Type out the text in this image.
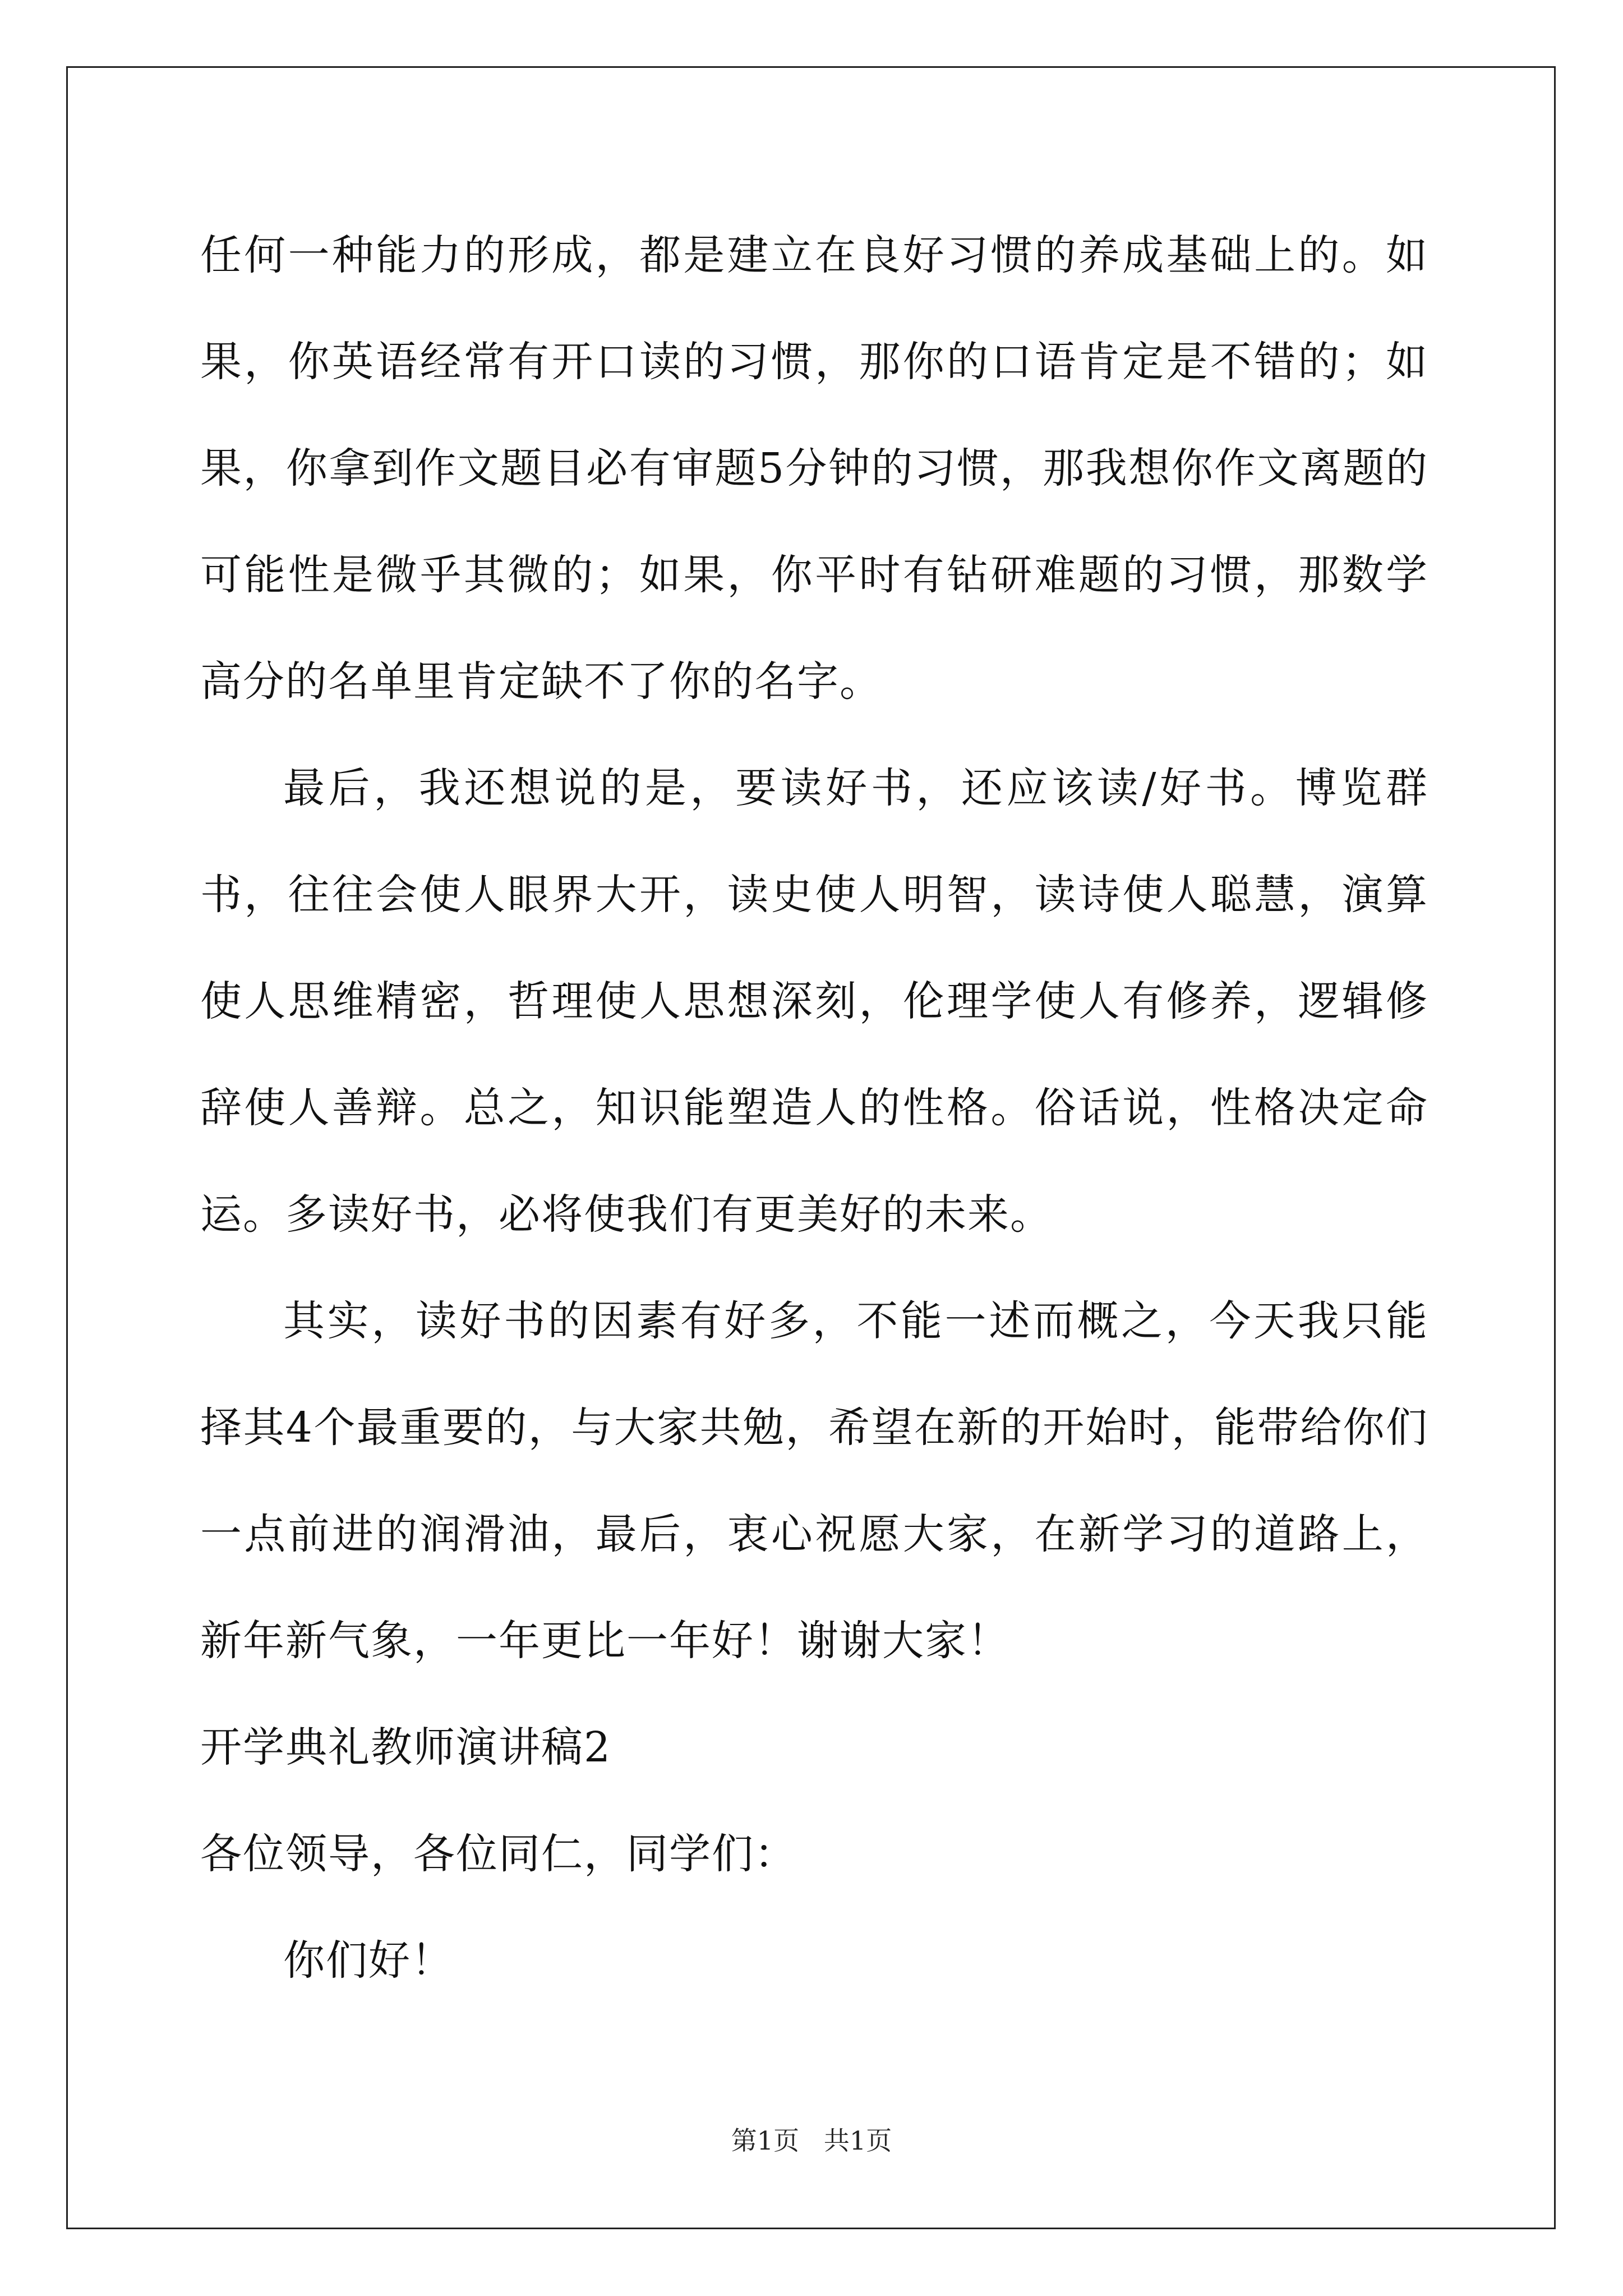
任何一种能力的形成，都是建立在良好习惯的养成基础上的。如果，你英语经常有开口读的习惯，那你的口语肯定是不错的；如果，你拿到作文题目必有审题5分钟的习惯，那我想你作文离题的可能性是微乎其微的；如果，你平时有钻研难题的习惯，那数学高分的名单里肯定缺不了你的名字。

最后，我还想说的是，要读好书，还应该读/好书。博览群书，往往会使人眼界大开，读史使人明智，读诗使人聪慧，演算使人思维精密，哲理使人思想深刻，伦理学使人有修养，逻辑修辞使人善辩。总之，知识能塑造人的性格。俗话说，性格决定命运。多读好书，必将使我们有更美好的未来。

其实，读好书的因素有好多，不能一述而概之，今天我只能择其4个最重要的，与大家共勉，希望在新的开始时，能带给你们一点前进的润滑油，最后，衷心祝愿大家，在新学习的道路上，新年新气象，一年更比一年好！谢谢大家！

开学典礼教师演讲稿2

各位领导，各位同仁，同学们：

你们好！

第1页   共1页
